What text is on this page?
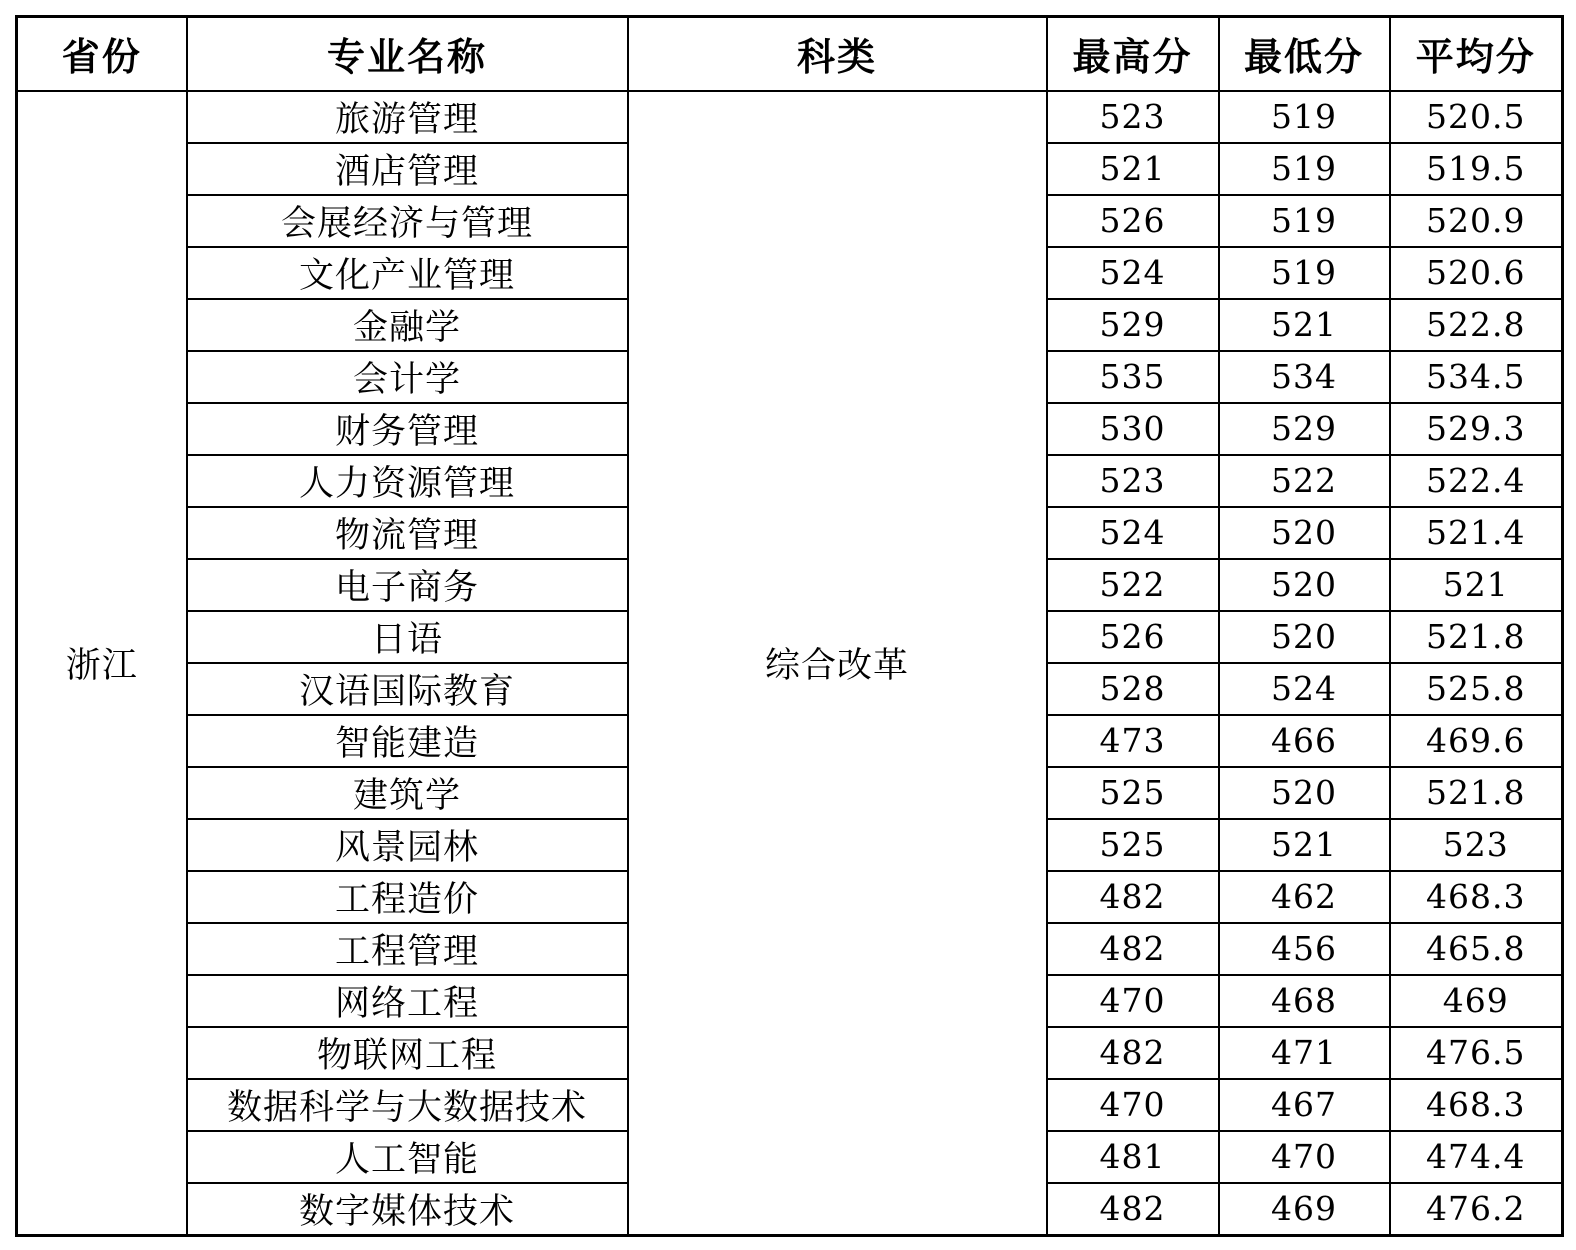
省份	专业名称	科类	最高分	最低分	平均分
浙江	旅游管理	综合改革	523	519	520.5
	酒店管理		521	519	519.5
	会展经济与管理		526	519	520.9
	文化产业管理		524	519	520.6
	金融学		529	521	522.8
	会计学		535	534	534.5
	财务管理		530	529	529.3
	人力资源管理		523	522	522.4
	物流管理		524	520	521.4
	电子商务		522	520	521
	日语		526	520	521.8
	汉语国际教育		528	524	525.8
	智能建造		473	466	469.6
	建筑学		525	520	521.8
	风景园林		525	521	523
	工程造价		482	462	468.3
	工程管理		482	456	465.8
	网络工程		470	468	469
	物联网工程		482	471	476.5
	数据科学与大数据技术		470	467	468.3
	人工智能		481	470	474.4
	数字媒体技术		482	469	476.2
